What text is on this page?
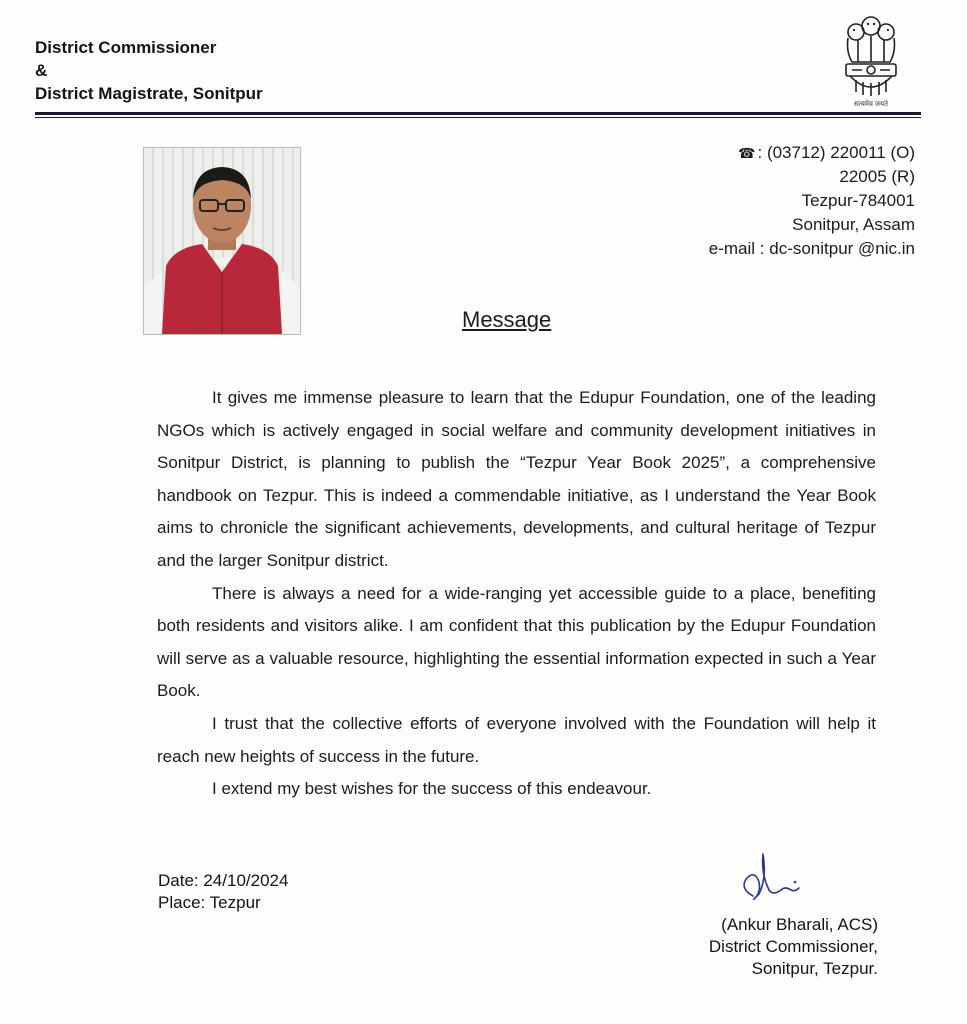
District Commissioner
&
District Magistrate, Sonitpur
सत्यमेव जयते
☎ : (03712) 220011 (O)
22005 (R)
Tezpur-784001
Sonitpur, Assam
e-mail : dc-sonitpur @nic.in
Message

It gives me immense pleasure to learn that the Edupur Foundation, one of the leading NGOs which is actively engaged in social welfare and community development initiatives in Sonitpur District, is planning to publish the “Tezpur Year Book 2025”, a comprehensive handbook on Tezpur. This is indeed a commendable initiative, as I understand the Year Book aims to chronicle the significant achievements, developments, and cultural heritage of Tezpur and the larger Sonitpur district.

There is always a need for a wide-ranging yet accessible guide to a place, benefiting both residents and visitors alike. I am confident that this publication by the Edupur Foundation will serve as a valuable resource, highlighting the essential information expected in such a Year Book.

I trust that the collective efforts of everyone involved with the Foundation will help it reach new heights of success in the future.

I extend my best wishes for the success of this endeavour.

Date: 24/10/2024
Place: Tezpur
(Ankur Bharali, ACS)
District Commissioner,
Sonitpur, Tezpur.
